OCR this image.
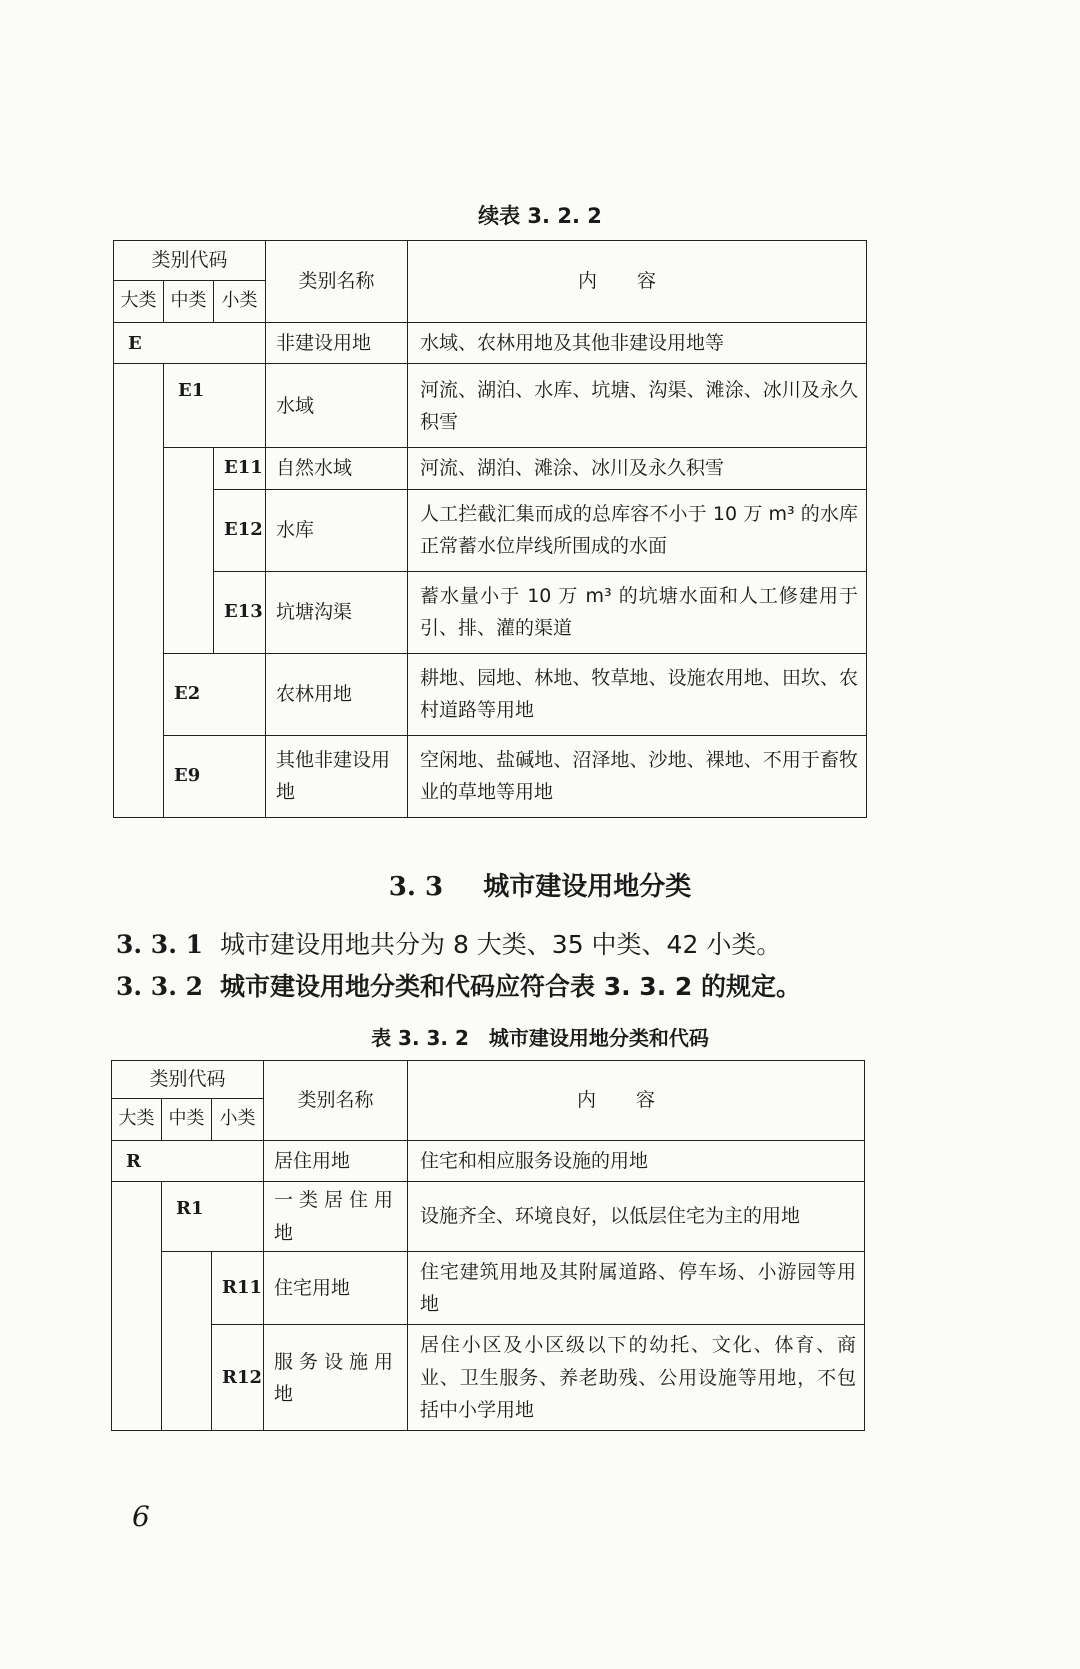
续表 3. 2. 2
类别代码			类别名称	内容
大类	中类	小类		
E			非建设用地	水域、农林用地及其他非建设用地等
	E1		水域	河流、湖泊、水库、坑塘、沟渠、滩涂、冰川及永久积雪
		E11	自然水域	河流、湖泊、滩涂、冰川及永久积雪
		E12	水库	人工拦截汇集而成的总库容不小于 10 万 m³ 的水库正常蓄水位岸线所围成的水面
		E13	坑塘沟渠	蓄水量小于 10 万 m³ 的坑塘水面和人工修建用于引、排、灌的渠道
	E2		农林用地	耕地、园地、林地、牧草地、设施农用地、田坎、农村道路等用地
	E9		其他非建设用地	空闲地、盐碱地、沼泽地、沙地、裸地、不用于畜牧业的草地等用地
3. 3 城市建设用地分类
3. 3. 1 城市建设用地共分为 8 大类、35 中类、42 小类。
3. 3. 2 城市建设用地分类和代码应符合表 3. 3. 2 的规定。
表 3. 3. 2　城市建设用地分类和代码
类别代码			类别名称	内容
大类	中类	小类		
R			居住用地	住宅和相应服务设施的用地
	R1		一类居住用地	设施齐全、环境良好，以低层住宅为主的用地
		R11	住宅用地	住宅建筑用地及其附属道路、停车场、小游园等用地
		R12	服务设施用地	居住小区及小区级以下的幼托、文化、体育、商业、卫生服务、养老助残、公用设施等用地，不包括中小学用地
6
